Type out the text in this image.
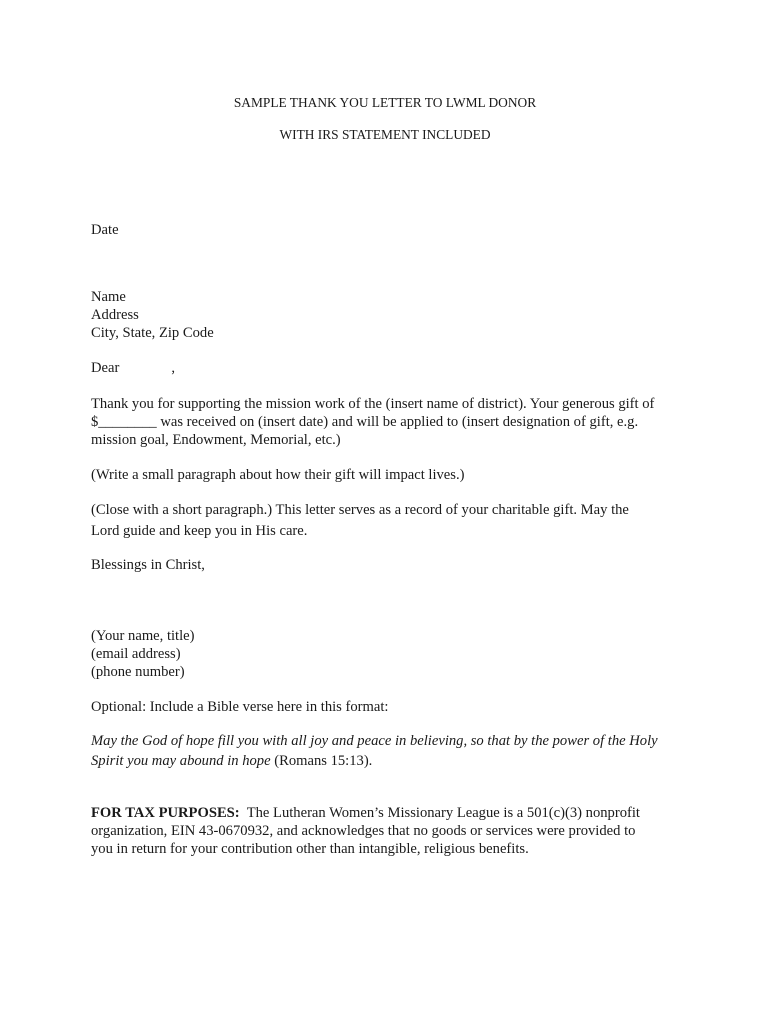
SAMPLE THANK YOU LETTER TO LWML DONOR
WITH IRS STATEMENT INCLUDED
Date
Name
Address
City, State, Zip Code
Dear	,
Thank you for supporting the mission work of the (insert name of district). Your generous gift of
$________ was received on (insert date) and will be applied to (insert designation of gift, e.g.
mission goal, Endowment, Memorial, etc.)
(Write a small paragraph about how their gift will impact lives.)
(Close with a short paragraph.) This letter serves as a record of your charitable gift. May the
Lord guide and keep you in His care.
Blessings in Christ,
(Your name, title)
(email address)
(phone number)
Optional: Include a Bible verse here in this format:
May the God of hope fill you with all joy and peace in believing, so that by the power of the Holy
Spirit you may abound in hope (Romans 15:13).
FOR TAX PURPOSES:  The Lutheran Women’s Missionary League is a 501(c)(3) nonprofit
organization, EIN 43-0670932, and acknowledges that no goods or services were provided to
you in return for your contribution other than intangible, religious benefits.
